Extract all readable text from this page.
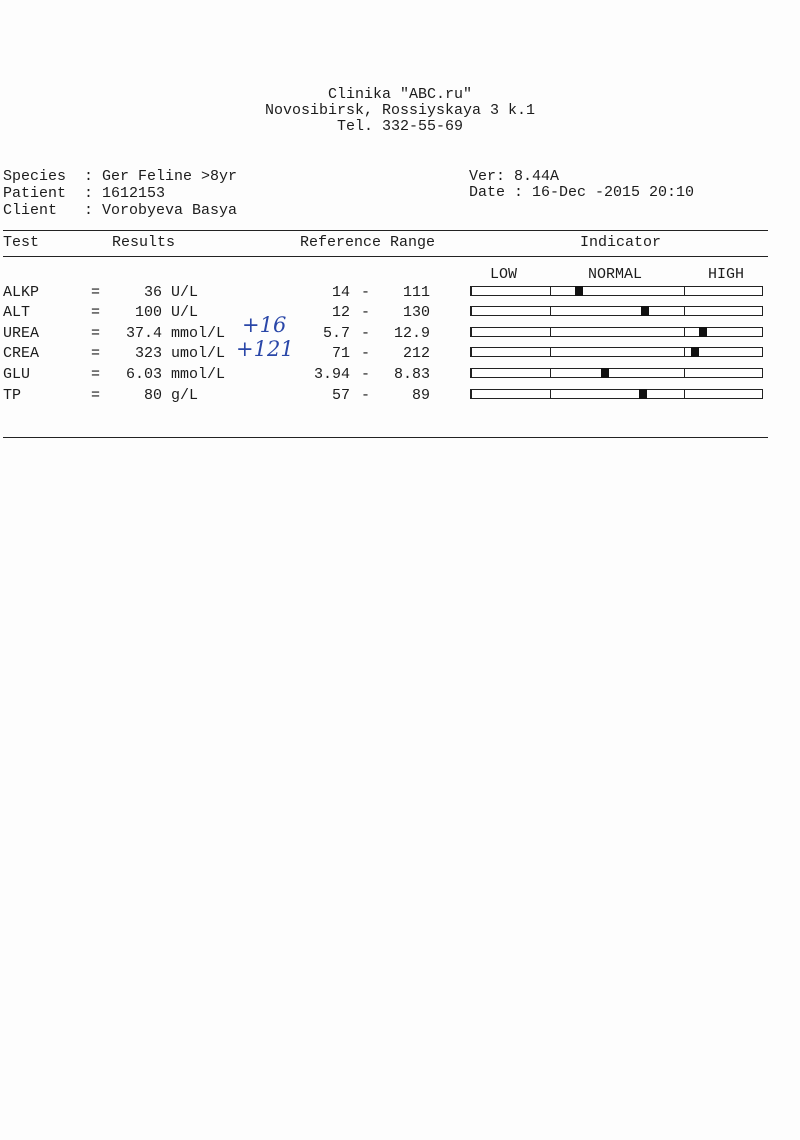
Clinika "ABC.ru"
Novosibirsk, Rossiyskaya 3 k.1
Tel. 332-55-69
Species : Ger Feline >8yr
Patient : 1612153
Client : Vorobyeva Basya
Ver: 8.44A
Date : 16-Dec -2015 20:10
Test	Results	Reference Range	Indicator
LOW	NORMAL	HIGH
ALKP	=	36 U/L	14 -	111
ALT	=	100 U/L	12 -	130
UREA	=	37.4 mmol/L	5.7 -	12.9
CREA	=	323 umol/L	71 -	212
GLU	=	6.03 mmol/L	3.94 -	8.83
TP	=	80 g/L	57 -	89
+16
+121
